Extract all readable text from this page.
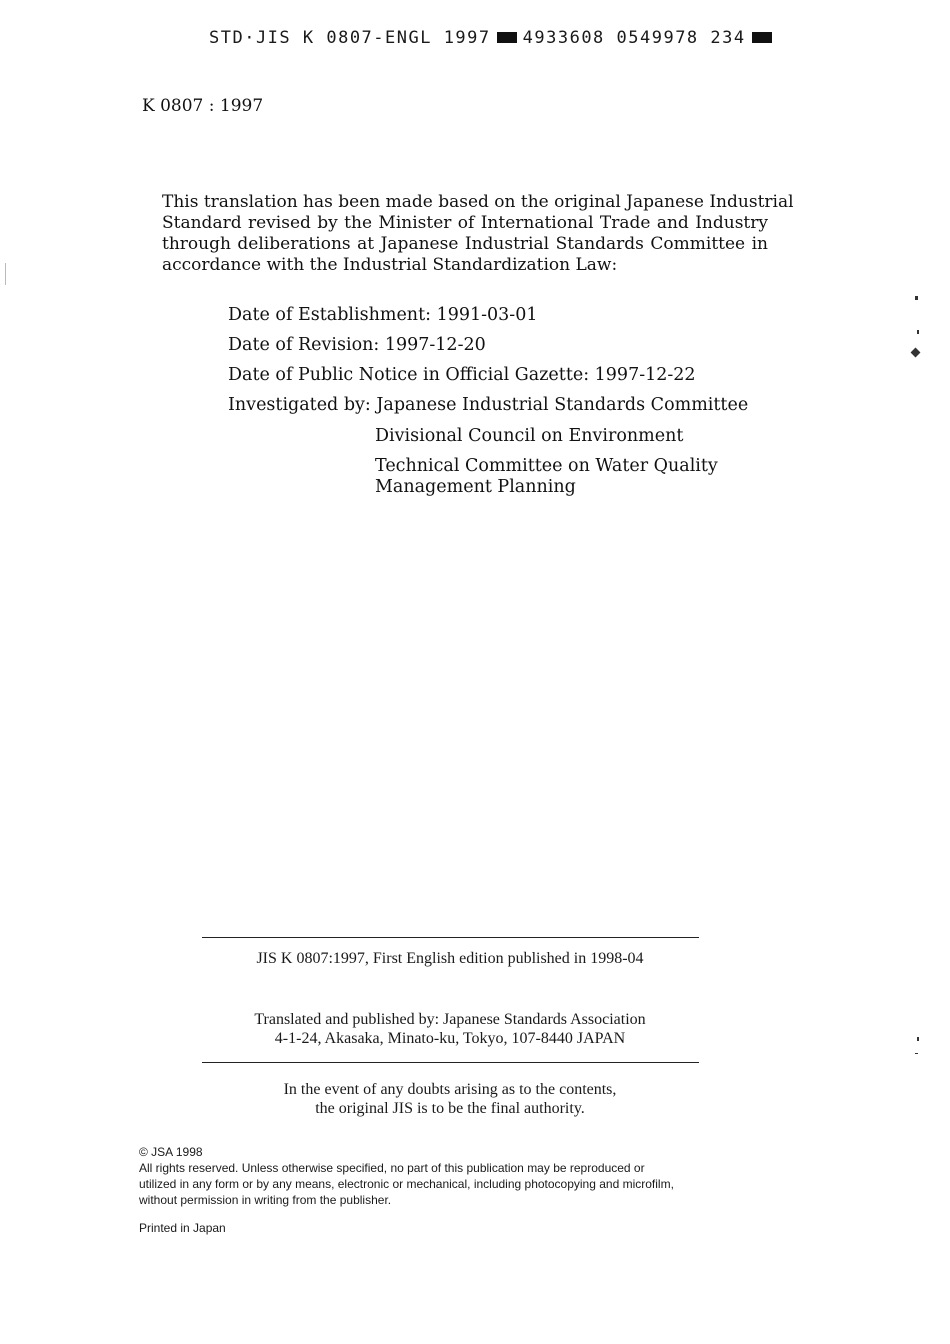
STD·JIS K 0807-ENGL 1997 4933608 0549978 234
K 0807 : 1997
This translation has been made based on the original Japanese Industrial
Standard revised by the Minister of International Trade and Industry
through deliberations at Japanese Industrial Standards Committee in
accordance with the Industrial Standardization Law:
Date of Establishment: 1991-03-01
Date of Revision: 1997-12-20
Date of Public Notice in Official Gazette: 1997-12-22
Investigated by: Japanese Industrial Standards Committee
Divisional Council on Environment
Technical Committee on Water Quality
Management Planning
JIS K 0807:1997, First English edition published in 1998-04
Translated and published by: Japanese Standards Association
4-1-24, Akasaka, Minato-ku, Tokyo, 107-8440 JAPAN
In the event of any doubts arising as to the contents,
the original JIS is to be the final authority.
© JSA 1998
All rights reserved. Unless otherwise specified, no part of this publication may be reproduced or
utilized in any form or by any means, electronic or mechanical, including photocopying and microfilm,
without permission in writing from the publisher.
Printed in Japan
